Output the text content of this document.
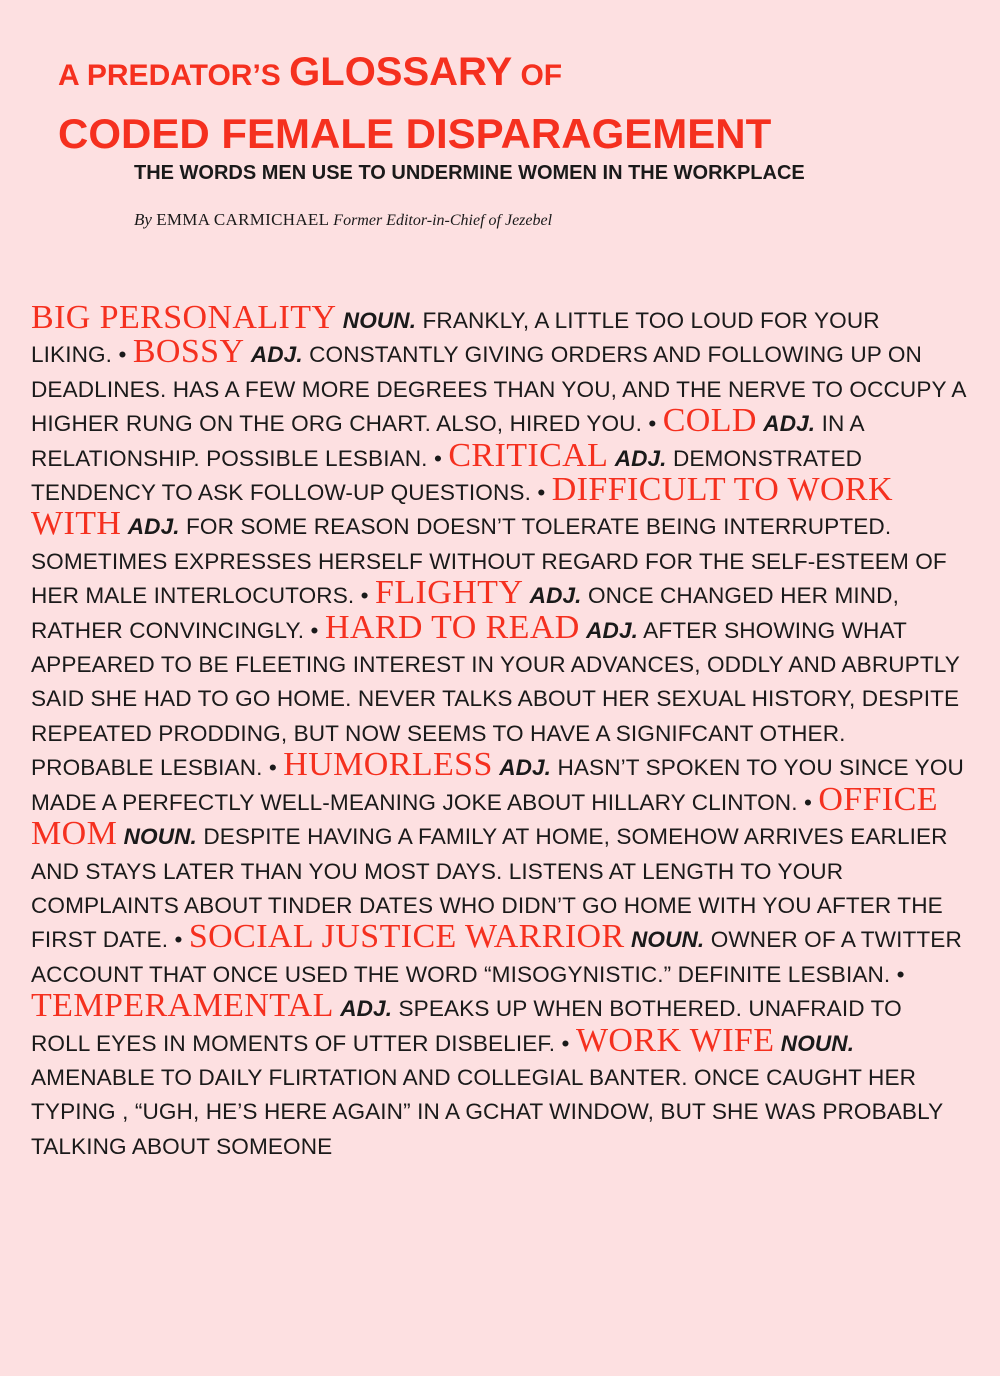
A PREDATOR’S GLOSSARY OF
CODED FEMALE DISPARAGEMENT
THE WORDS MEN USE TO UNDERMINE WOMEN IN THE WORKPLACE
By EMMA CARMICHAEL Former Editor-in-Chief of Jezebel
BIG PERSONALITY NOUN. FRANKLY, A LITTLE TOO LOUD FOR YOUR LIKING. • BOSSY ADJ. CONSTANTLY GIVING ORDERS AND FOLLOWING UP ON DEADLINES. HAS A FEW MORE DEGREES THAN YOU, AND THE NERVE TO OCCUPY A HIGHER RUNG ON THE ORG CHART. ALSO, HIRED YOU. • COLD ADJ. IN A RELATIONSHIP. POSSIBLE LESBIAN. • CRITICAL ADJ. DEMONSTRATED TENDENCY TO ASK FOLLOW-UP QUESTIONS. • DIFFICULT TO WORK WITH ADJ. FOR SOME REASON DOESN’T TOLERATE BEING INTERRUPTED. SOMETIMES EXPRESSES HERSELF WITHOUT REGARD FOR THE SELF-ESTEEM OF HER MALE INTERLOCUTORS. • FLIGHTY ADJ. ONCE CHANGED HER MIND, RATHER CONVINCINGLY. • HARD TO READ ADJ. AFTER SHOWING WHAT APPEARED TO BE FLEETING INTEREST IN YOUR ADVANCES, ODDLY AND ABRUPTLY SAID SHE HAD TO GO HOME. NEVER TALKS ABOUT HER SEXUAL HISTORY, DESPITE REPEATED PRODDING, BUT NOW SEEMS TO HAVE A SIGNIFCANT OTHER. PROBABLE LESBIAN. • HUMORLESS ADJ. HASN’T SPOKEN TO YOU SINCE YOU MADE A PERFECTLY WELL-MEANING JOKE ABOUT HILLARY CLINTON. • OFFICE MOM NOUN. DESPITE HAVING A FAMILY AT HOME, SOMEHOW ARRIVES EARLIER AND STAYS LATER THAN YOU MOST DAYS. LISTENS AT LENGTH TO YOUR COMPLAINTS ABOUT TINDER DATES WHO DIDN’T GO HOME WITH YOU AFTER THE FIRST DATE. • SOCIAL JUSTICE WARRIOR NOUN. OWNER OF A TWITTER ACCOUNT THAT ONCE USED THE WORD “MISOGYNISTIC.” DEFINITE LESBIAN. • TEMPERAMENTAL ADJ. SPEAKS UP WHEN BOTHERED. UNAFRAID TO ROLL EYES IN MOMENTS OF UTTER DISBELIEF. • WORK WIFE NOUN. AMENABLE TO DAILY FLIRTATION AND COLLEGIAL BANTER. ONCE CAUGHT HER TYPING , “UGH, HE’S HERE AGAIN” IN A GCHAT WINDOW, BUT SHE WAS PROBABLY TALKING ABOUT SOMEONE
